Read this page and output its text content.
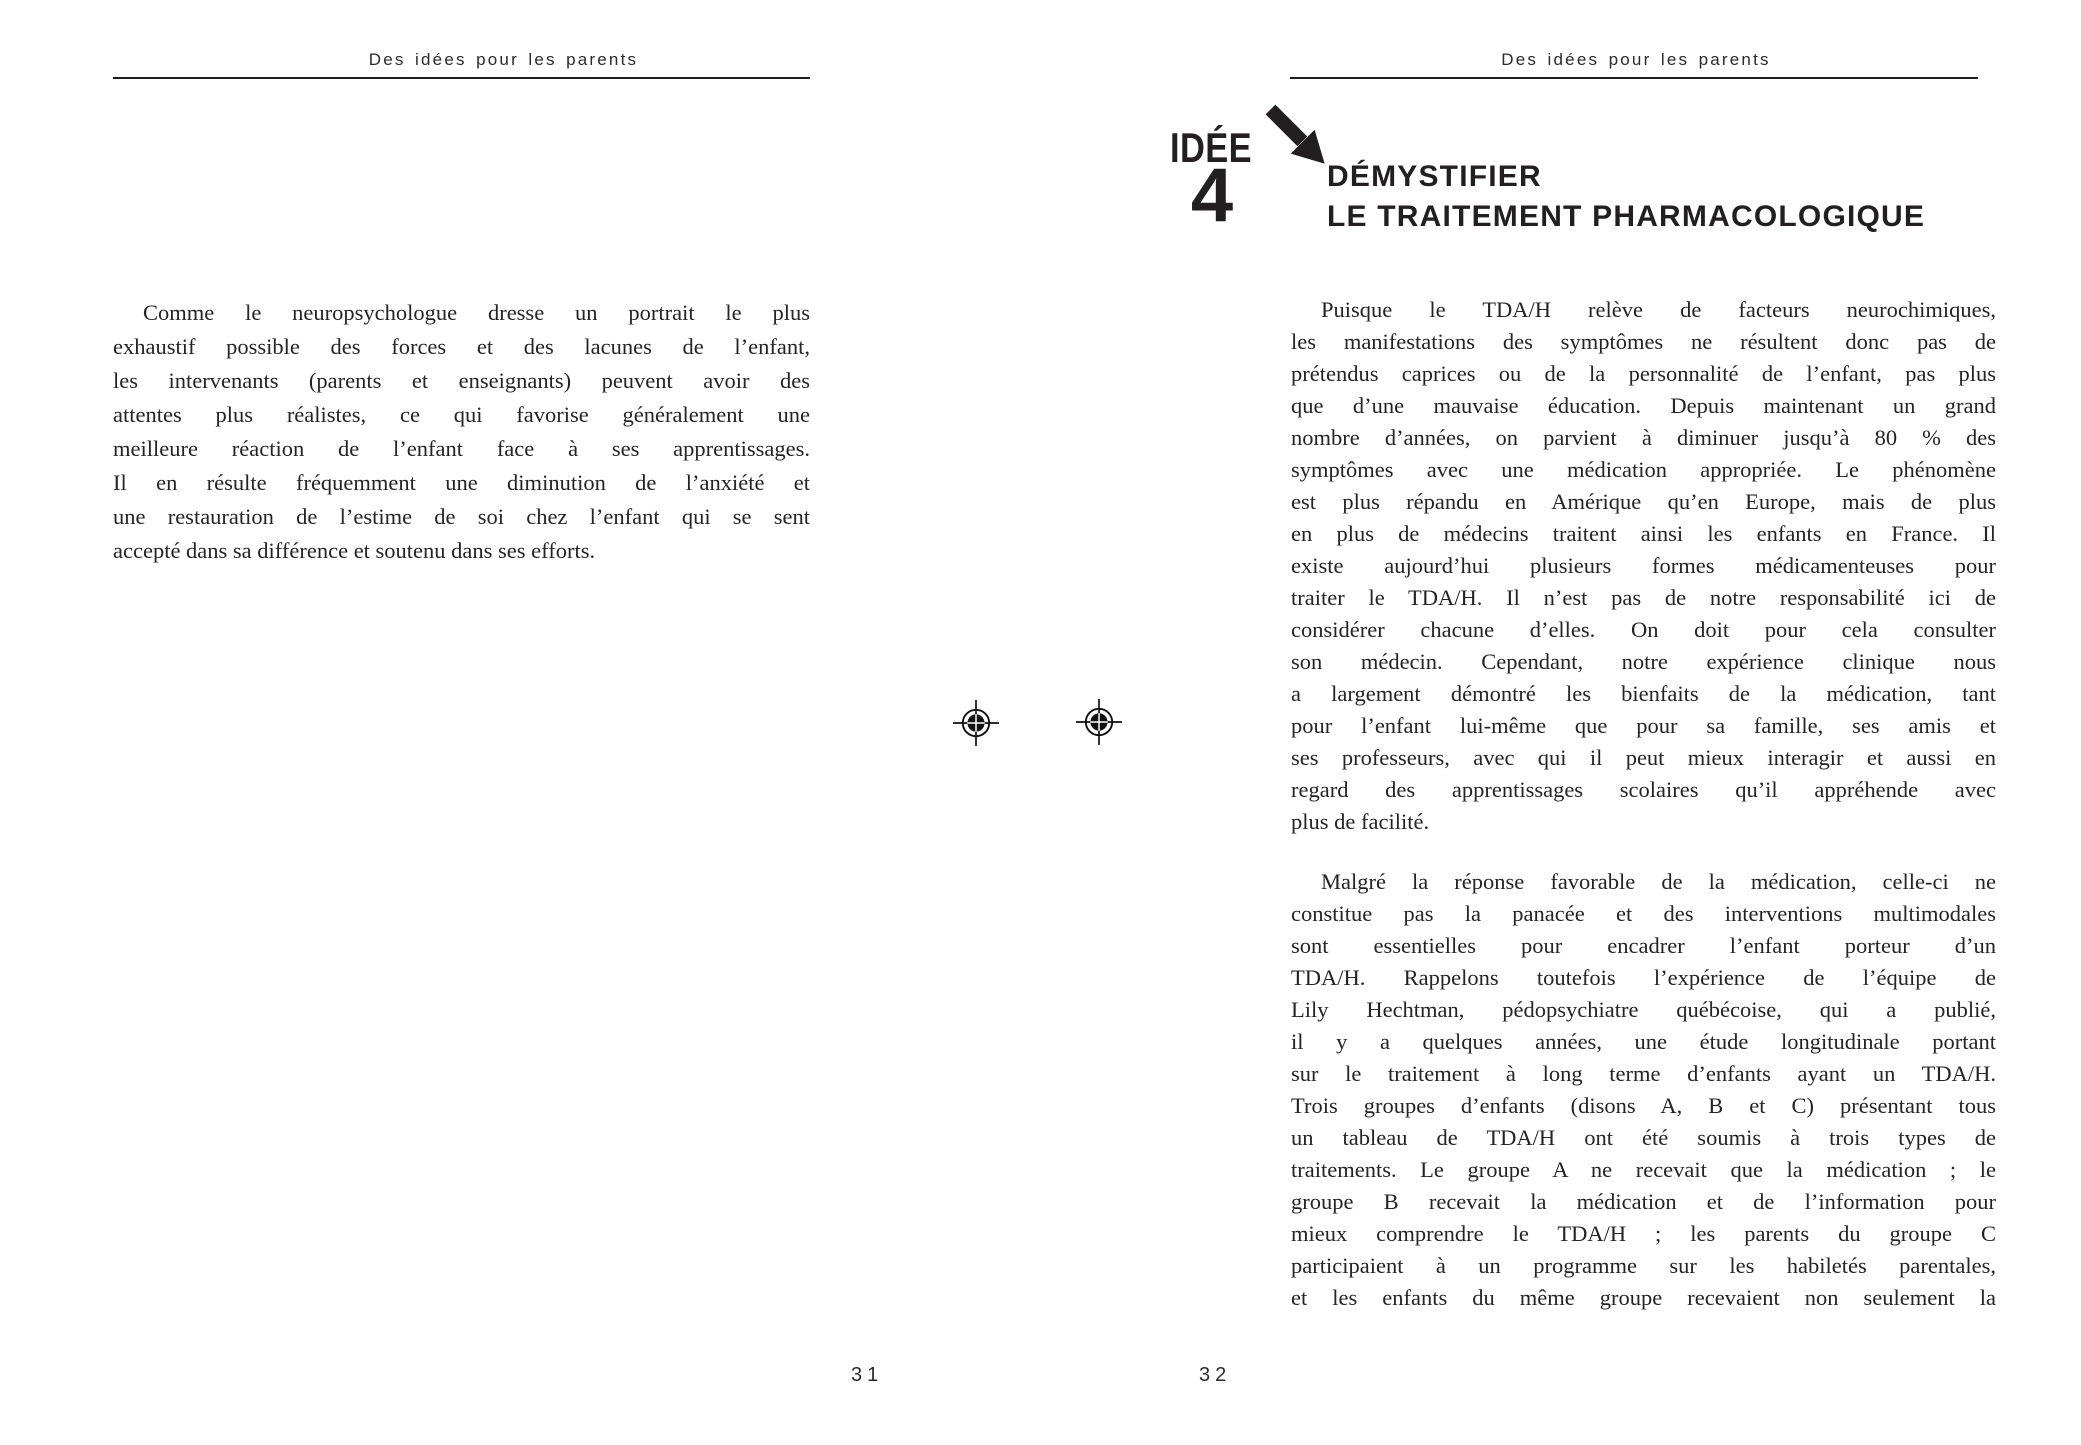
Des idées pour les parents
Comme le neuropsychologue dresse un portrait le plus
exhaustif possible des forces et des lacunes de l’enfant,
les intervenants (parents et enseignants) peuvent avoir des
attentes plus réalistes, ce qui favorise généralement une
meilleure réaction de l’enfant face à ses apprentissages.
Il en résulte fréquemment une diminution de l’anxiété et
une restauration de l’estime de soi chez l’enfant qui se sent
accepté dans sa différence et soutenu dans ses efforts.
31
Des idées pour les parents
IDÉE
4	DÉMYSTIFIER
LE TRAITEMENT PHARMACOLOGIQUE
Puisque le TDA/H relève de facteurs neurochimiques,
les manifestations des symptômes ne résultent donc pas de
prétendus caprices ou de la personnalité de l’enfant, pas plus
que d’une mauvaise éducation. Depuis maintenant un grand
nombre d’années, on parvient à diminuer jusqu’à 80 % des
symptômes avec une médication appropriée. Le phénomène
est plus répandu en Amérique qu’en Europe, mais de plus
en plus de médecins traitent ainsi les enfants en France. Il
existe aujourd’hui plusieurs formes médicamenteuses pour
traiter le TDA/H. Il n’est pas de notre responsabilité ici de
considérer chacune d’elles. On doit pour cela consulter
son médecin. Cependant, notre expérience clinique nous
a largement démontré les bienfaits de la médication, tant
pour l’enfant lui-même que pour sa famille, ses amis et
ses professeurs, avec qui il peut mieux interagir et aussi en
regard des apprentissages scolaires qu’il appréhende avec
plus de facilité.
Malgré la réponse favorable de la médication, celle-ci ne
constitue pas la panacée et des interventions multimodales
sont essentielles pour encadrer l’enfant porteur d’un
TDA/H. Rappelons toutefois l’expérience de l’équipe de
Lily Hechtman, pédopsychiatre québécoise, qui a publié,
il y a quelques années, une étude longitudinale portant
sur le traitement à long terme d’enfants ayant un TDA/H.
Trois groupes d’enfants (disons A, B et C) présentant tous
un tableau de TDA/H ont été soumis à trois types de
traitements. Le groupe A ne recevait que la médication ; le
groupe B recevait la médication et de l’information pour
mieux comprendre le TDA/H ; les parents du groupe C
participaient à un programme sur les habiletés parentales,
et les enfants du même groupe recevaient non seulement la
32
